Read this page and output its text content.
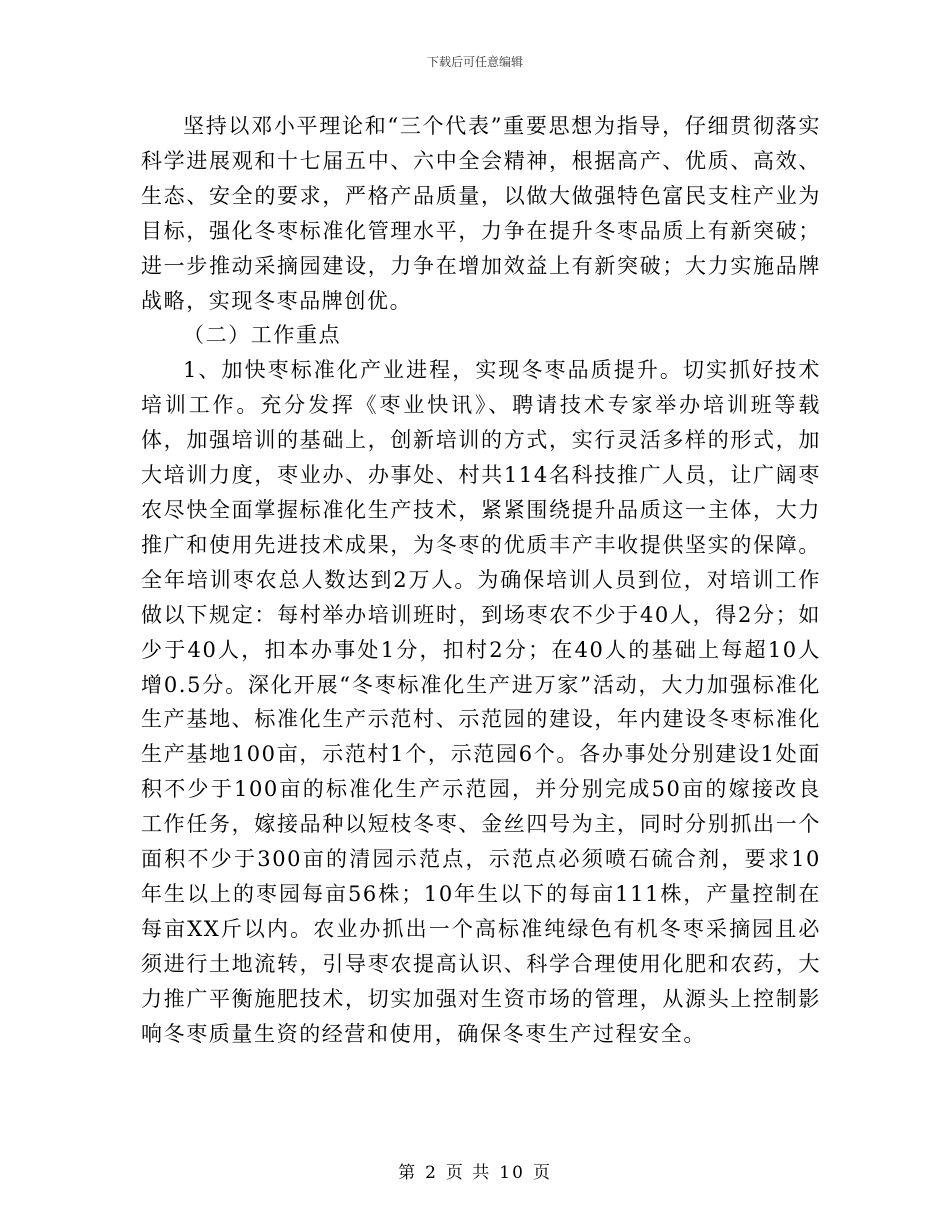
下载后可任意编辑

坚持以邓小平理论和“三个代表”重要思想为指导，仔细贯彻落实科学进展观和十七届五中、六中全会精神，根据高产、优质、高效、生态、安全的要求，严格产品质量，以做大做强特色富民支柱产业为目标，强化冬枣标准化管理水平，力争在提升冬枣品质上有新突破；进一步推动采摘园建设，力争在增加效益上有新突破；大力实施品牌战略，实现冬枣品牌创优。

（二）工作重点

1、加快枣标准化产业进程，实现冬枣品质提升。切实抓好技术培训工作。充分发挥《枣业快讯》、聘请技术专家举办培训班等载体，加强培训的基础上，创新培训的方式，实行灵活多样的形式，加大培训力度，枣业办、办事处、村共114名科技推广人员，让广阔枣农尽快全面掌握标准化生产技术，紧紧围绕提升品质这一主体，大力推广和使用先进技术成果，为冬枣的优质丰产丰收提供坚实的保障。全年培训枣农总人数达到2万人。为确保培训人员到位，对培训工作做以下规定：每村举办培训班时，到场枣农不少于40人，得2分；如少于40人，扣本办事处1分，扣村2分；在40人的基础上每超10人增0.5分。深化开展“冬枣标准化生产进万家”活动，大力加强标准化生产基地、标准化生产示范村、示范园的建设，年内建设冬枣标准化生产基地100亩，示范村1个，示范园6个。各办事处分别建设1处面积不少于100亩的标准化生产示范园，并分别完成50亩的嫁接改良工作任务，嫁接品种以短枝冬枣、金丝四号为主，同时分别抓出一个面积不少于300亩的清园示范点，示范点必须喷石硫合剂，要求10年生以上的枣园每亩56株；10年生以下的每亩111株，产量控制在每亩XX斤以内。农业办抓出一个高标准纯绿色有机冬枣采摘园且必须进行土地流转，引导枣农提高认识、科学合理使用化肥和农药，大力推广平衡施肥技术，切实加强对生资市场的管理，从源头上控制影响冬枣质量生资的经营和使用，确保冬枣生产过程安全。

第 2 页 共 10 页
